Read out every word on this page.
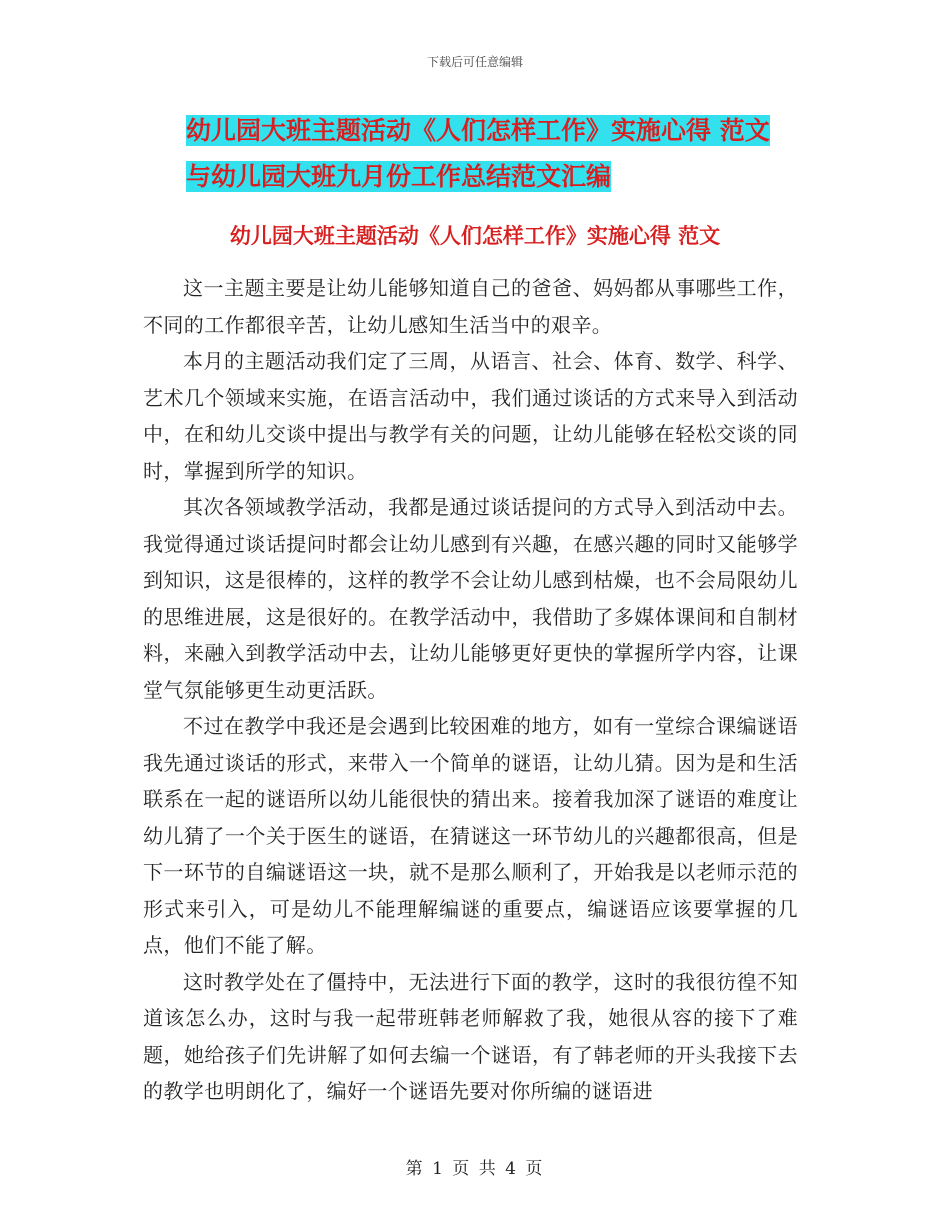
下载后可任意编辑
幼儿园大班主题活动《人们怎样工作》实施心得 范文
与幼儿园大班九月份工作总结范文汇编
幼儿园大班主题活动《人们怎样工作》实施心得 范文

这一主题主要是让幼儿能够知道自己的爸爸、妈妈都从事哪些工作，不同的工作都很辛苦，让幼儿感知生活当中的艰辛。

本月的主题活动我们定了三周，从语言、社会、体育、数学、科学、艺术几个领域来实施，在语言活动中，我们通过谈话的方式来导入到活动中，在和幼儿交谈中提出与教学有关的问题，让幼儿能够在轻松交谈的同时，掌握到所学的知识。

其次各领域教学活动，我都是通过谈话提问的方式导入到活动中去。我觉得通过谈话提问时都会让幼儿感到有兴趣，在感兴趣的同时又能够学到知识，这是很棒的，这样的教学不会让幼儿感到枯燥，也不会局限幼儿的思维进展，这是很好的。在教学活动中，我借助了多媒体课间和自制材料，来融入到教学活动中去，让幼儿能够更好更快的掌握所学内容，让课堂气氛能够更生动更活跃。

不过在教学中我还是会遇到比较困难的地方，如有一堂综合课编谜语我先通过谈话的形式，来带入一个简单的谜语，让幼儿猜。因为是和生活联系在一起的谜语所以幼儿能很快的猜出来。接着我加深了谜语的难度让幼儿猜了一个关于医生的谜语，在猜谜这一环节幼儿的兴趣都很高，但是下一环节的自编谜语这一块，就不是那么顺利了，开始我是以老师示范的形式来引入，可是幼儿不能理解编谜的重要点，编谜语应该要掌握的几点，他们不能了解。

这时教学处在了僵持中，无法进行下面的教学，这时的我很彷徨不知道该怎么办，这时与我一起带班韩老师解救了我，她很从容的接下了难题，她给孩子们先讲解了如何去编一个谜语，有了韩老师的开头我接下去的教学也明朗化了，编好一个谜语先要对你所编的谜语进

第 1 页 共 4 页
